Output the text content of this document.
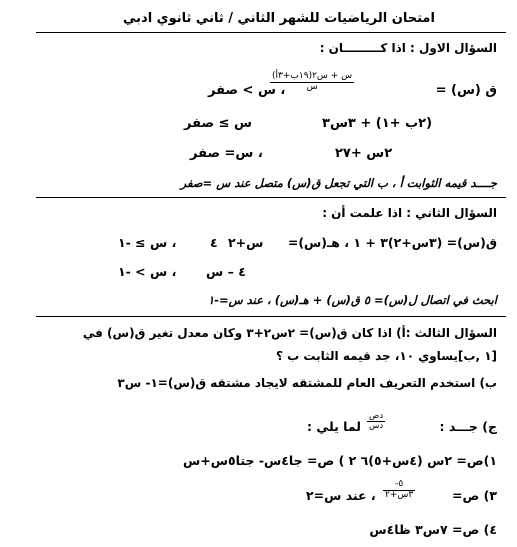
امتحان الرياضيات للشهر الثاني / ثاني ثانوي ادبي
السؤال الاول : اذا كـــــــــان :
ق (س) =
$\frac{\text{(١٩ب+٣أ)س + س٢}}{\text{س}}$
، س > صفر
(٢ب +١) + ٣س٣
س ≥ صفر
٢س +٢٧
، س= صفر
جــــد قيمه الثوابت أ ، ب التي تجعل ق(س) متصل عند س =صفر
السؤال الثاني : اذا علمت أن :
ق(س)= (٣س+٢)٣ + ١ ، هـ(س)=
س+٢
٤
، س ≥ -١
٤ – س
، س > -١
ابحث في اتصال ل(س)= ٥ ق(س) + هـ(س) ، عند س=-١
السؤال الثالث :أ) اذا كان ق(س)= ٢س٢+٣ وكان معدل تغير ق(س) في
[١ ,ب]يساوي ١٠، جد قيمه الثابت ب ؟
ب) استخدم التعريف العام للمشتقه لايجاد مشتقه ق(س)=١- س٣
ج) جـــد :
$\frac{\text{دص}}{\text{دس}}$
لما يلي :
١)ص= ٢س (٤س+٥)٦ ٢ ) ص= جا٤س- جتا٥س+س
٣) ص=
$\frac{-٥}{\text{٣س+٢}}$
، عند س=٢
٤) ص= ٧س٣ ظا٤س
